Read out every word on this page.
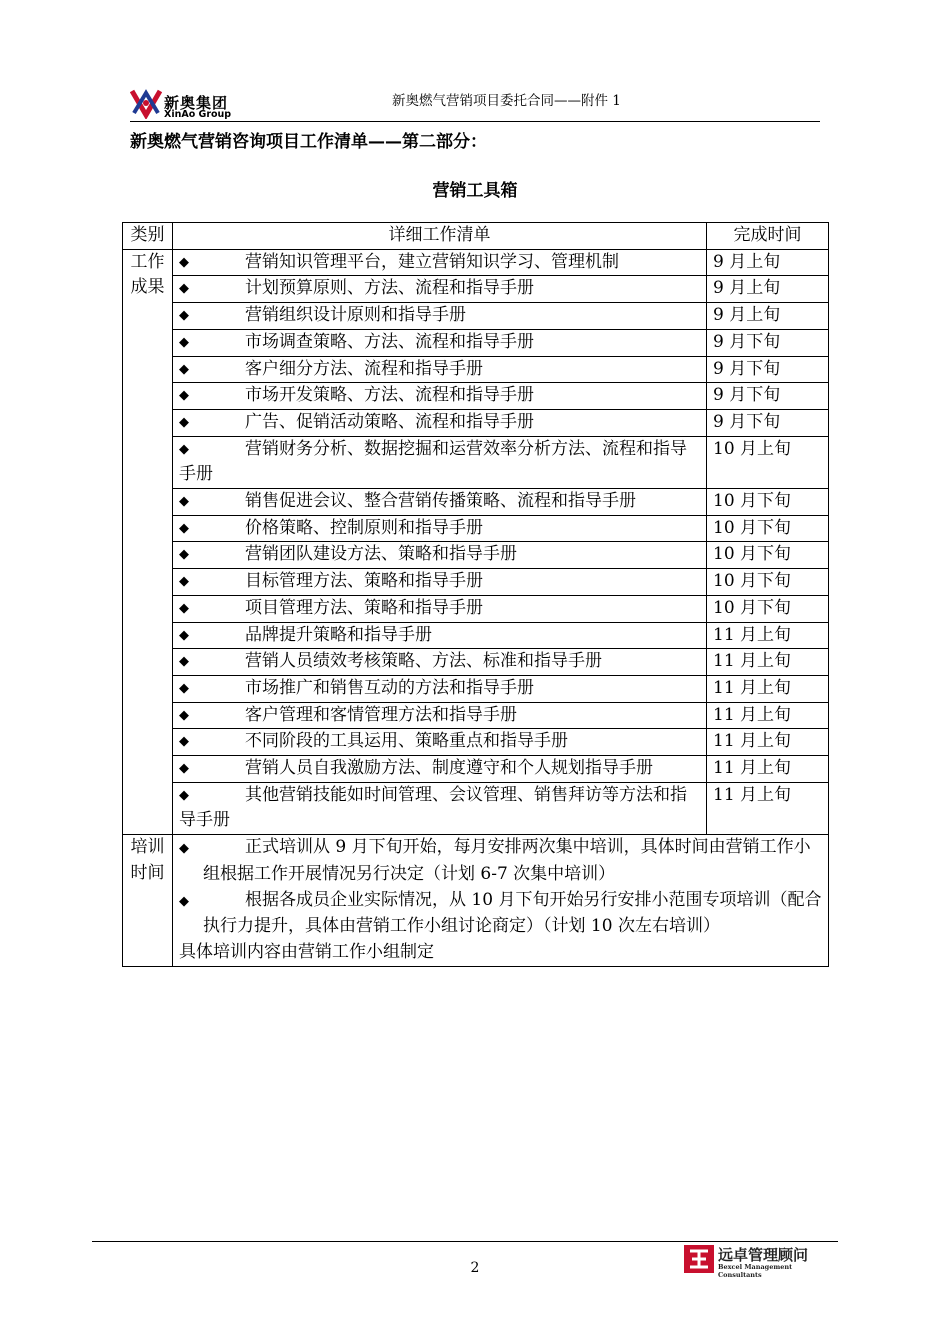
新奥集团
XinAo Group
新奥燃气营销项目委托合同——附件 1
新奥燃气营销咨询项目工作清单——第二部分：
营销工具箱
类别	详细工作清单	完成时间
工作成果	◆ 营销知识管理平台，建立营销知识学习、管理机制	9 月上旬
	◆ 计划预算原则、方法、流程和指导手册	9 月上旬
	◆ 营销组织设计原则和指导手册	9 月上旬
	◆ 市场调查策略、方法、流程和指导手册	9 月下旬
	◆ 客户细分方法、流程和指导手册	9 月下旬
	◆ 市场开发策略、方法、流程和指导手册	9 月下旬
	◆ 广告、促销活动策略、流程和指导手册	9 月下旬
	◆ 营销财务分析、数据挖掘和运营效率分析方法、流程和指导手册	10 月上旬
	◆ 销售促进会议、整合营销传播策略、流程和指导手册	10 月下旬
	◆ 价格策略、控制原则和指导手册	10 月下旬
	◆ 营销团队建设方法、策略和指导手册	10 月下旬
	◆ 目标管理方法、策略和指导手册	10 月下旬
	◆ 项目管理方法、策略和指导手册	10 月下旬
	◆ 品牌提升策略和指导手册	11 月上旬
	◆ 营销人员绩效考核策略、方法、标准和指导手册	11 月上旬
	◆ 市场推广和销售互动的方法和指导手册	11 月上旬
	◆ 客户管理和客情管理方法和指导手册	11 月上旬
	◆ 不同阶段的工具运用、策略重点和指导手册	11 月上旬
	◆ 营销人员自我激励方法、制度遵守和个人规划指导手册	11 月上旬
	◆ 其他营销技能如时间管理、会议管理、销售拜访等方法和指导手册	11 月上旬
培训时间	◆ 正式培训从 9 月下旬开始，每月安排两次集中培训，具体时间由营销工作小组根据工作开展情况另行决定（计划 6-7 次集中培训）
◆ 根据各成员企业实际情况，从 10 月下旬开始另行安排小范围专项培训（配合执行力提升，具体由营销工作小组讨论商定）（计划 10 次左右培训）
具体培训内容由营销工作小组制定	
2
远卓管理顾问
Bexcel Management Consultants
